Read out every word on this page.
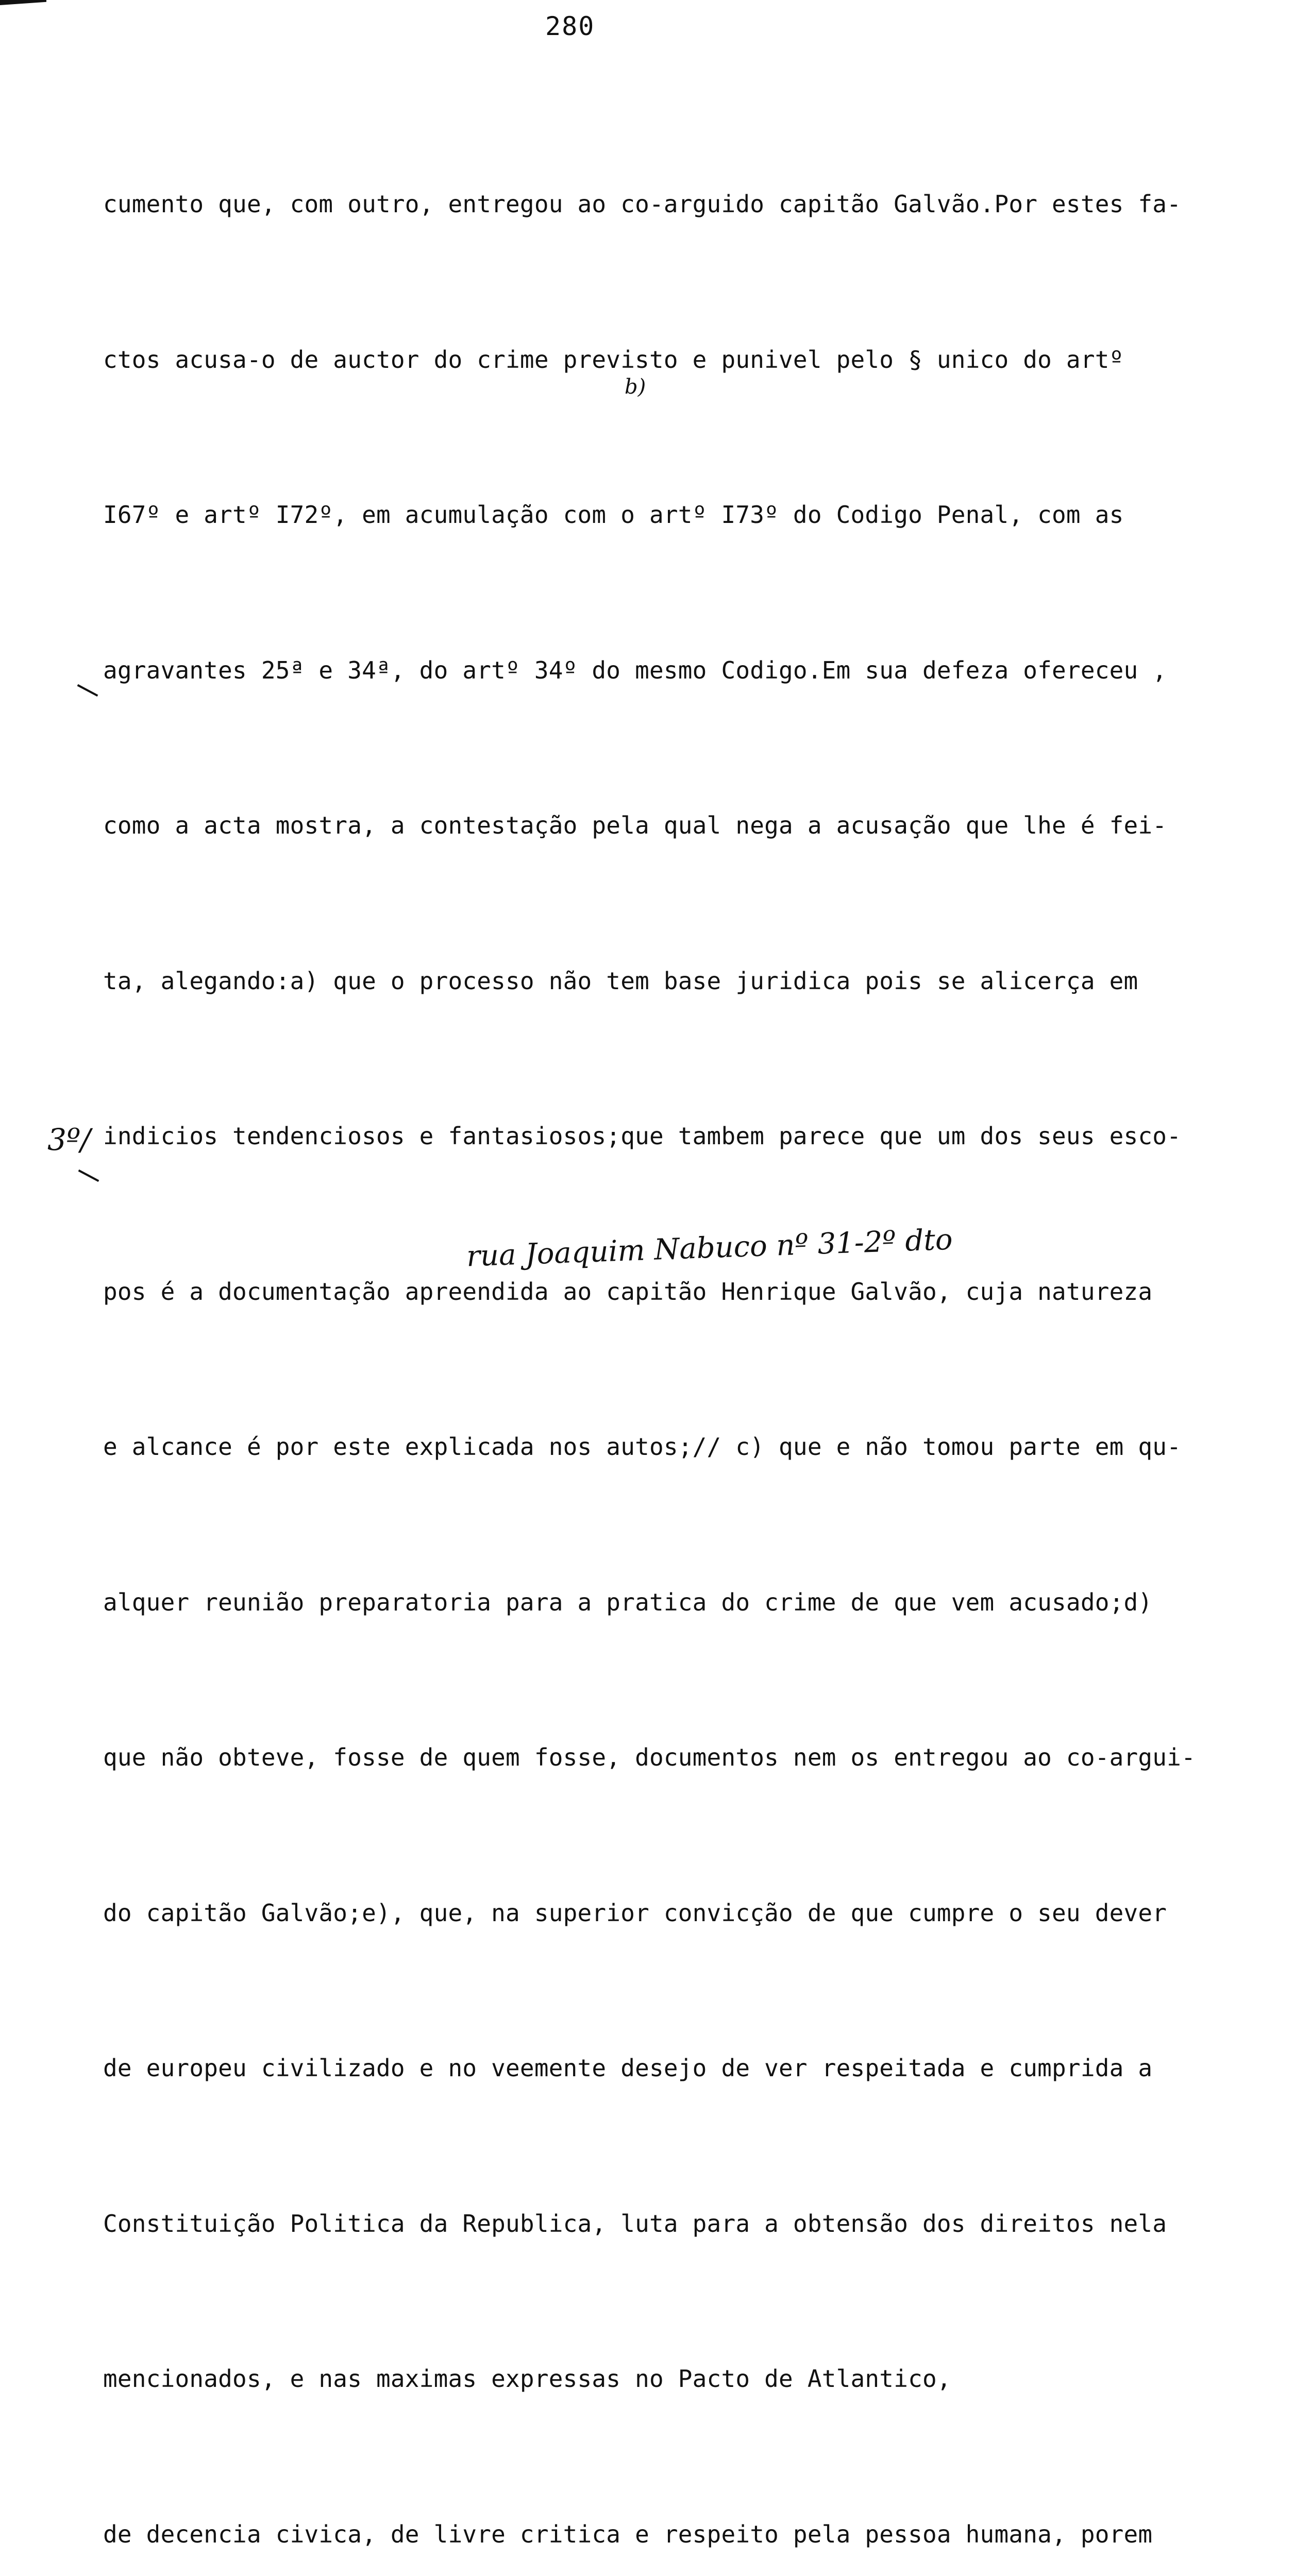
280
b)
3º/
rua Joaquim Nabuco nº 31-2º dto

cumento que, com outro, entregou ao co-arguido capitão Galvão.Por estes fa-

ctos acusa-o de auctor do crime previsto e punivel pelo § unico do artº

I67º e artº I72º, em acumulação com o artº I73º do Codigo Penal, com as

agravantes 25ª e 34ª, do artº 34º do mesmo Codigo.Em sua defeza ofereceu ,

como a acta mostra, a contestação pela qual nega a acusação que lhe é fei-

ta, alegando:a) que o processo não tem base juridica pois se alicerça em

indicios tendenciosos e fantasiosos;que tambem parece que um dos seus esco-

pos é a documentação apreendida ao capitão Henrique Galvão, cuja natureza

e alcance é por este explicada nos autos;// c) que e não tomou parte em qu-

alquer reunião preparatoria para a pratica do crime de que vem acusado;d)

que não obteve, fosse de quem fosse, documentos nem os entregou ao co-argui-

do capitão Galvão;e), que, na superior convicção de que cumpre o seu dever

de europeu civilizado e no veemente desejo de ver respeitada e cumprida a

Constituição Politica da Republica, luta para a obtensão dos direitos nela

mencionados, e nas maximas expressas no Pacto de Atlantico,

de decencia civica, de livre critica e respeito pela pessoa humana, porem
